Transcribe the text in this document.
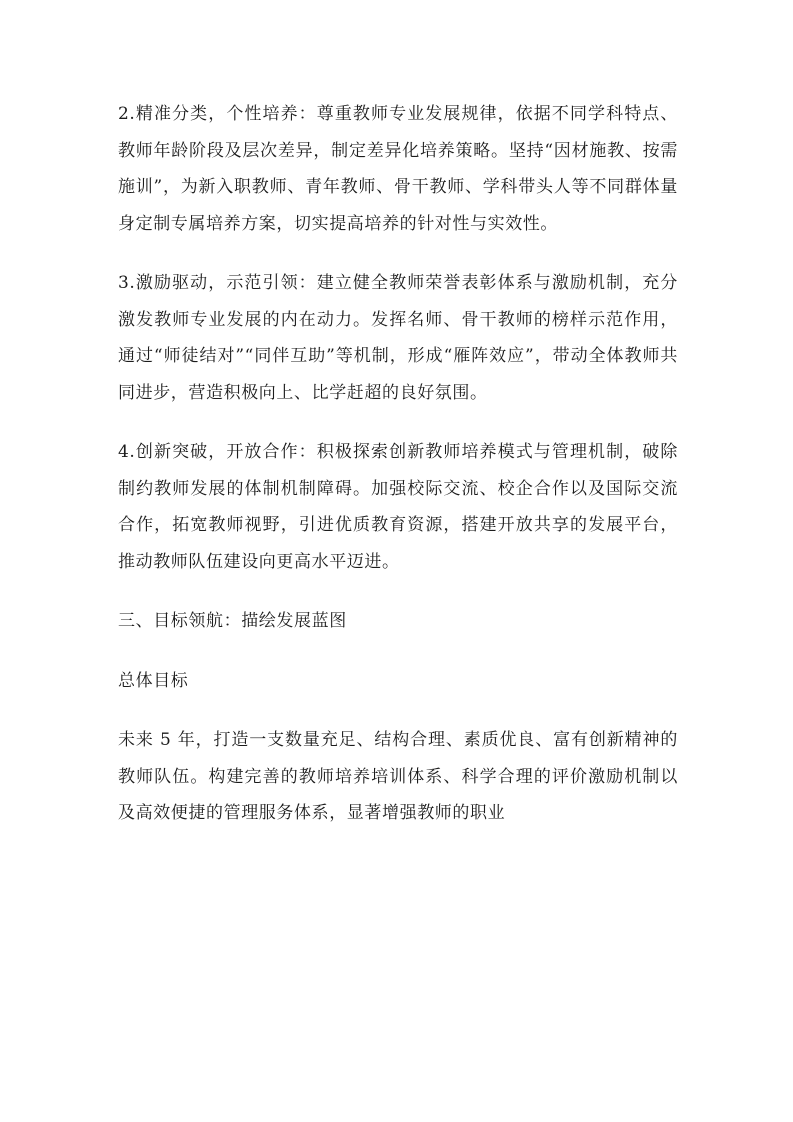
2.精准分类，个性培养：尊重教师专业发展规律，依据不同学科特点、教师年龄阶段及层次差异，制定差异化培养策略。坚持“因材施教、按需施训”，为新入职教师、青年教师、骨干教师、学科带头人等不同群体量身定制专属培养方案，切实提高培养的针对性与实效性。

3.激励驱动，示范引领：建立健全教师荣誉表彰体系与激励机制，充分激发教师专业发展的内在动力。发挥名师、骨干教师的榜样示范作用，通过“师徒结对”“同伴互助”等机制，形成“雁阵效应”，带动全体教师共同进步，营造积极向上、比学赶超的良好氛围。

4.创新突破，开放合作：积极探索创新教师培养模式与管理机制，破除制约教师发展的体制机制障碍。加强校际交流、校企合作以及国际交流合作，拓宽教师视野，引进优质教育资源，搭建开放共享的发展平台，推动教师队伍建设向更高水平迈进。

三、目标领航：描绘发展蓝图

总体目标

未来 5 年，打造一支数量充足、结构合理、素质优良、富有创新精神的教师队伍。构建完善的教师培养培训体系、科学合理的评价激励机制以及高效便捷的管理服务体系，显著增强教师的职业
